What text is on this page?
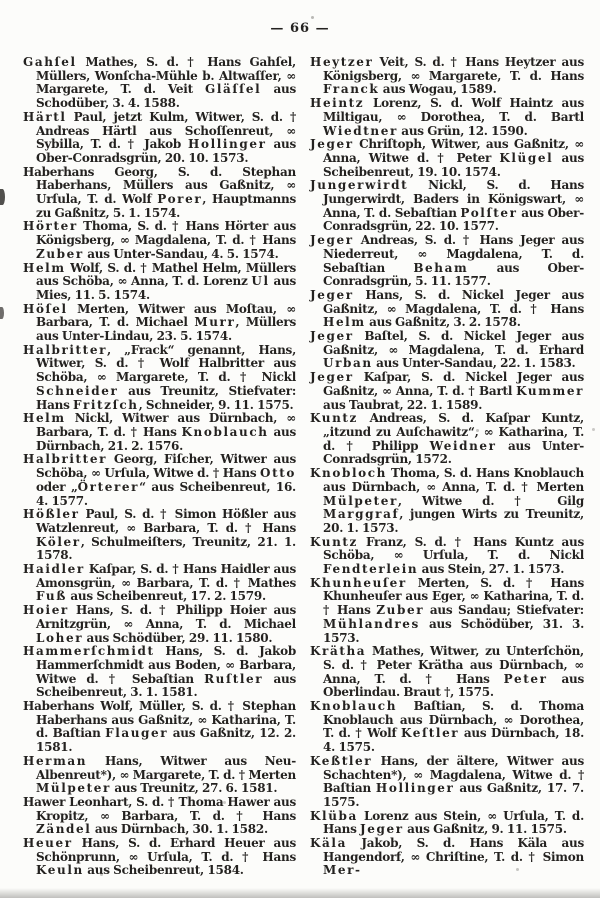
— 66 —

Gahſel Mathes, S. d. † Hans Gahſel, Müllers, Wonſcha-Mühle b. Altwaſſer, ∞ Margarete, T. d. Veit Gläſſel aus Schodüber, 3. 4. 1588.

Härtl Paul, jetzt Kulm, Witwer, S. d. † Andreas Härtl aus Schoſſenreut, ∞ Sybilla, T. d. † Jakob Hollinger aus Ober-Conradsgrün, 20. 10. 1573.

Haberhans Georg, S. d. Stephan Haberhans, Müllers aus Gaßnitz, ∞ Urſula, T. d. Wolf Porer, Hauptmanns zu Gaßnitz, 5. 1. 1574.

Hörter Thoma, S. d. † Hans Hörter aus Königsberg, ∞ Magdalena, T. d. † Hans Zuber aus Unter-Sandau, 4. 5. 1574.

Helm Wolf, S. d. † Mathel Helm, Müllers aus Schöba, ∞ Anna, T. d. Lorenz Ul aus Mies, 11. 5. 1574.

Höſel Merten, Witwer aus Moſtau, ∞ Barbara, T. d. Michael Murr, Müllers aus Unter-Lindau, 23. 5. 1574.

Halbritter, „Frack“ genannt, Hans, Witwer, S. d. † Wolf Halbritter aus Schöba, ∞ Margarete, T. d. † Nickl Schneider aus Treunitz, Stiefvater: Hans Fritzſch, Schneider, 9. 11. 1575.

Helm Nickl, Witwer aus Dürnbach, ∞ Barbara, T. d. † Hans Knoblauch aus Dürnbach, 21. 2. 1576.

Halbritter Georg, Fiſcher, Witwer aus Schöba, ∞ Urſula, Witwe d. † Hans Otto oder „Örterer“ aus Scheibenreut, 16. 4. 1577.

Hößler Paul, S. d. † Simon Hößler aus Watzlenreut, ∞ Barbara, T. d. † Hans Köler, Schulmeiſters, Treunitz, 21. 1. 1578.

Haidler Kaſpar, S. d. † Hans Haidler aus Amonsgrün, ∞ Barbara, T. d. † Mathes Fuß aus Scheibenreut, 17. 2. 1579.

Hoier Hans, S. d. † Philipp Hoier aus Arnitzgrün, ∞ Anna, T. d. Michael Loher aus Schödüber, 29. 11. 1580.

Hammerſchmidt Hans, S. d. Jakob Hammerſchmidt aus Boden, ∞ Barbara, Witwe d. † Sebaſtian Ruſtler aus Scheibenreut, 3. 1. 1581.

Haberhans Wolf, Müller, S. d. † Stephan Haberhans aus Gaßnitz, ∞ Katharina, T. d. Baſtian Flauger aus Gaßnitz, 12. 2. 1581.

Herman Hans, Witwer aus Neu-Albenreut*), ∞ Margarete, T. d. † Merten Mülpeter aus Treunitz, 27. 6. 1581.

Hawer Leonhart, S. d. † Thoma Hawer aus Kropitz, ∞ Barbara, T. d. † Hans Zändel aus Dürnbach, 30. 1. 1582.

Heuer Hans, S. d. Erhard Heuer aus Schönprunn, ∞ Urſula, T. d. † Hans Keuln aus Scheibenreut, 1584.

Heytzer Veit, S. d. † Hans Heytzer aus Königsberg, ∞ Margarete, T. d. Hans Franck aus Wogau, 1589.

Heintz Lorenz, S. d. Wolf Haintz aus Miltigau, ∞ Dorothea, T. d. Bartl Wiedtner aus Grün, 12. 1590.

Jeger Chriſtoph, Witwer, aus Gaßnitz, ∞ Anna, Witwe d. † Peter Klügel aus Scheibenreut, 19. 10. 1574.

Jungerwirdt Nickl, S. d. Hans Jungerwirdt, Baders in Königswart, ∞ Anna, T. d. Sebaſtian Polſter aus Ober-Conradsgrün, 22. 10. 1577.

Jeger Andreas, S. d. † Hans Jeger aus Niederreut, ∞ Magdalena, T. d. Sebaſtian Beham aus Ober-Conradsgrün, 5. 11. 1577.

Jeger Hans, S. d. Nickel Jeger aus Gaßnitz, ∞ Magdalena, T. d. † Hans Helm aus Gaßnitz, 3. 2. 1578.

Jeger Baſtel, S. d. Nickel Jeger aus Gaßnitz, ∞ Magdalena, T. d. Erhard Urban aus Unter-Sandau, 22. 1. 1583.

Jeger Kaſpar, S. d. Nickel Jeger aus Gaßnitz, ∞ Anna, T. d. † Bartl Kummer aus Taubrat, 22. 1. 1589.

Kuntz Andreas, S. d. Kaſpar Kuntz, „itzund zu Auſchawitz“, ∞ Katharina, T. d. † Philipp Weidner aus Unter-Conradsgrün, 1572.

Knobloch Thoma, S. d. Hans Knoblauch aus Dürnbach, ∞ Anna, T. d. † Merten Mülpeter, Witwe d. † Gilg Marggraf, jungen Wirts zu Treunitz, 20. 1. 1573.

Kuntz Franz, S. d. † Hans Kuntz aus Schöba, ∞ Urſula, T. d. Nickl Fendterlein aus Stein, 27. 1. 1573.

Khunheuſer Merten, S. d. † Hans Khunheuſer aus Eger, ∞ Katharina, T. d. † Hans Zuber aus Sandau; Stiefvater: Mühlandres aus Schödüber, 31. 3. 1573.

Krätha Mathes, Witwer, zu Unterſchön, S. d. † Peter Krätha aus Dürnbach, ∞ Anna, T. d. † Hans Peter aus Oberlindau. Braut †, 1575.

Knoblauch Baſtian, S. d. Thoma Knoblauch aus Dürnbach, ∞ Dorothea, T. d. † Wolf Keſtler aus Dürnbach, 18. 4. 1575.

Keßtler Hans, der ältere, Witwer aus Schachten*), ∞ Magdalena, Witwe d. † Baſtian Hollinger aus Gaßnitz, 17. 7. 1575.

Klüba Lorenz aus Stein, ∞ Urſula, T. d. Hans Jeger aus Gaßnitz, 9. 11. 1575.

Käla Jakob, S. d. Hans Käla aus Hangendorf, ∞ Chriſtine, T. d. † Simon Mer-
